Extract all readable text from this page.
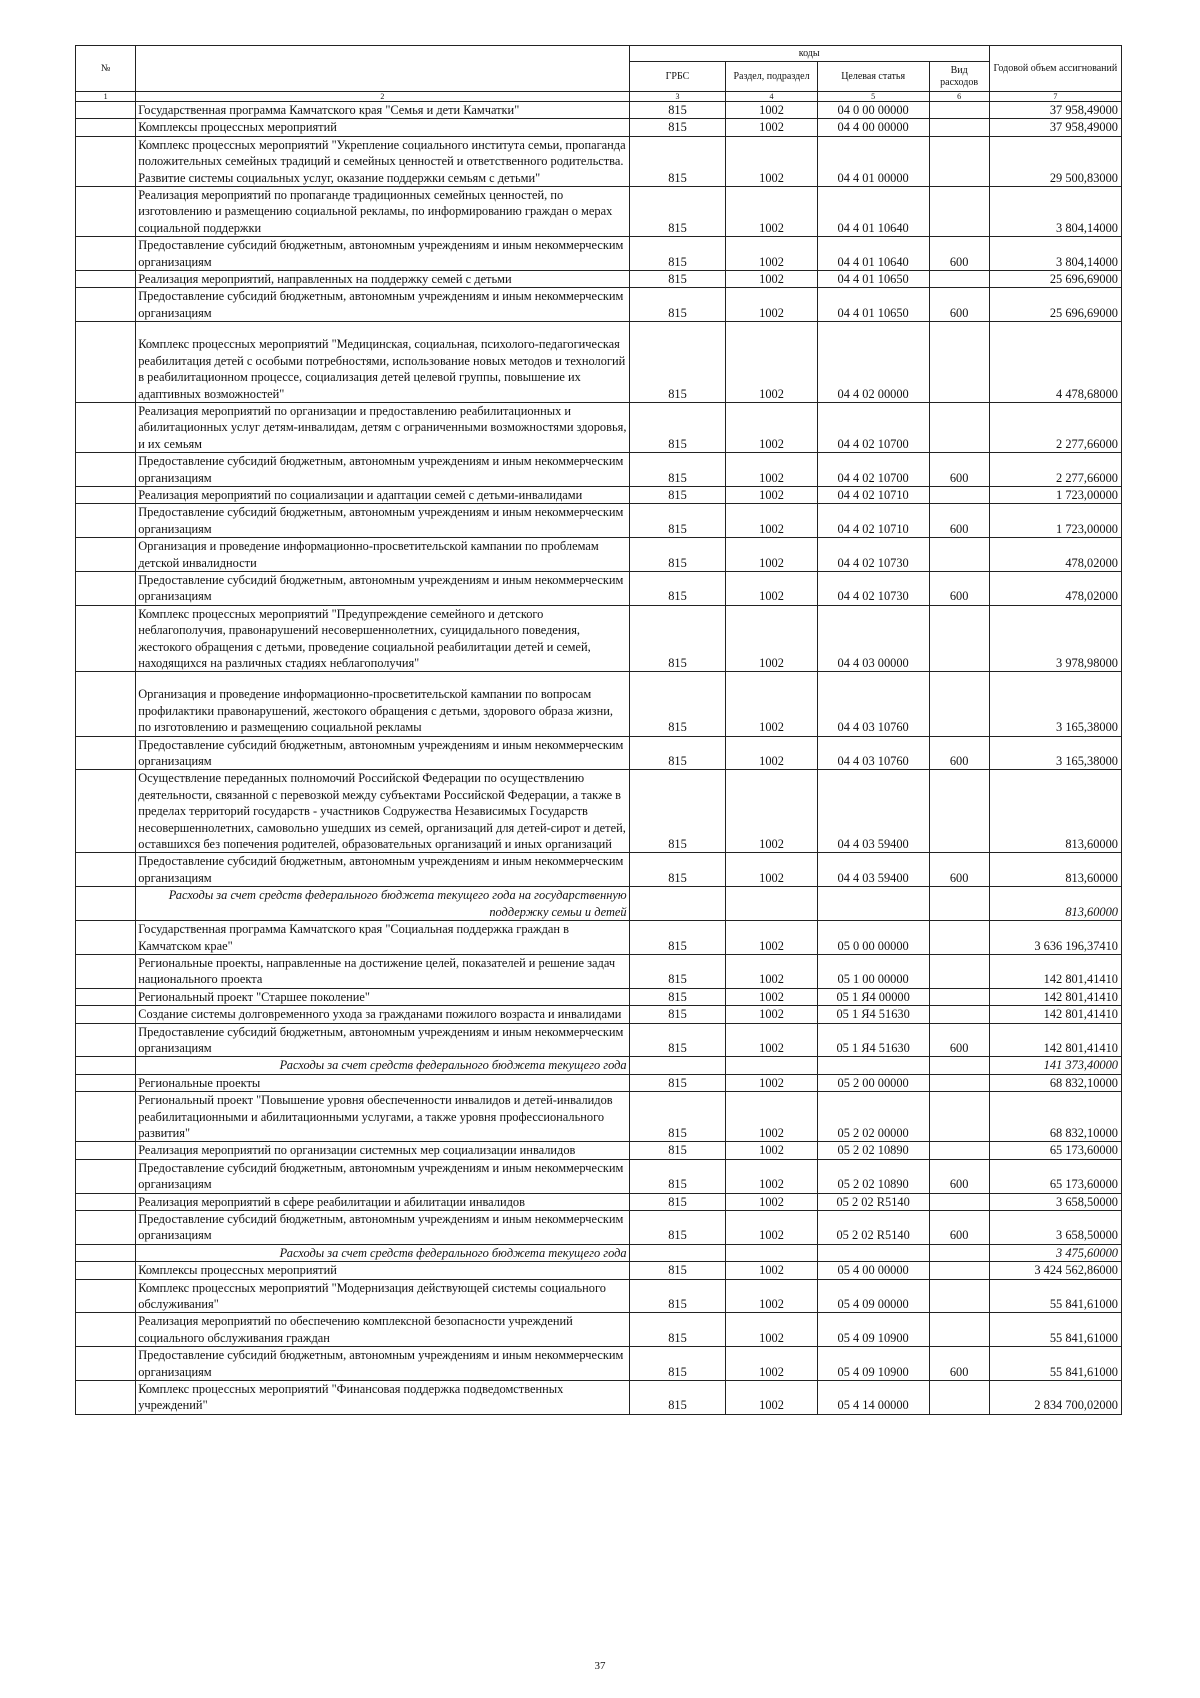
№		коды				Годовой объем ассигнований
		ГРБС	Раздел, подраздел	Целевая статья	Вид расходов	
1	2	3	4	5	6	7
	Государственная программа Камчатского края "Семья и дети Камчатки"	815	1002	04 0 00 00000		37 958,49000
	Комплексы процессных мероприятий	815	1002	04 4 00 00000		37 958,49000
	Комплекс процессных мероприятий "Укрепление социального института семьи, пропаганда положительных семейных традиций и семейных ценностей и ответственного родительства. Развитие системы социальных услуг, оказание поддержки семьям с детьми"	815	1002	04 4 01 00000		29 500,83000
	Реализация мероприятий по пропаганде традиционных семейных ценностей, по изготовлению и размещению социальной рекламы, по информированию граждан о мерах социальной поддержки	815	1002	04 4 01 10640		3 804,14000
	Предоставление субсидий бюджетным, автономным учреждениям и иным некоммерческим организациям	815	1002	04 4 01 10640	600	3 804,14000
	Реализация мероприятий, направленных на поддержку семей с детьми	815	1002	04 4 01 10650		25 696,69000
	Предоставление субсидий бюджетным, автономным учреждениям и иным некоммерческим организациям	815	1002	04 4 01 10650	600	25 696,69000
	Комплекс процессных мероприятий "Медицинская, социальная, психолого-педагогическая реабилитация детей с особыми потребностями, использование новых методов и технологий в реабилитационном процессе, социализация детей целевой группы, повышение их адаптивных возможностей"	815	1002	04 4 02 00000		4 478,68000
	Реализация мероприятий по организации и предоставлению реабилитационных и абилитационных услуг детям-инвалидам, детям с ограниченными возможностями здоровья, и их семьям	815	1002	04 4 02 10700		2 277,66000
	Предоставление субсидий бюджетным, автономным учреждениям и иным некоммерческим организациям	815	1002	04 4 02 10700	600	2 277,66000
	Реализация мероприятий по социализации и адаптации семей с детьми-инвалидами	815	1002	04 4 02 10710		1 723,00000
	Предоставление субсидий бюджетным, автономным учреждениям и иным некоммерческим организациям	815	1002	04 4 02 10710	600	1 723,00000
	Организация и проведение информационно-просветительской кампании по проблемам детской инвалидности	815	1002	04 4 02 10730		478,02000
	Предоставление субсидий бюджетным, автономным учреждениям и иным некоммерческим организациям	815	1002	04 4 02 10730	600	478,02000
	Комплекс процессных мероприятий "Предупреждение семейного и детского неблагополучия, правонарушений несовершеннолетних, суицидального поведения, жестокого обращения с детьми, проведение социальной реабилитации детей и семей, находящихся на различных стадиях неблагополучия"	815	1002	04 4 03 00000		3 978,98000
	Организация и проведение информационно-просветительской кампании по вопросам профилактики правонарушений, жестокого обращения с детьми, здорового образа жизни, по изготовлению и размещению социальной рекламы	815	1002	04 4 03 10760		3 165,38000
	Предоставление субсидий бюджетным, автономным учреждениям и иным некоммерческим организациям	815	1002	04 4 03 10760	600	3 165,38000
	Осуществление переданных полномочий Российской Федерации по осуществлению деятельности, связанной с перевозкой между субъектами Российской Федерации, а также в пределах территорий государств - участников Содружества Независимых Государств несовершеннолетних, самовольно ушедших из семей, организаций для детей-сирот и детей, оставшихся без попечения родителей, образовательных организаций и иных организаций	815	1002	04 4 03 59400		813,60000
	Предоставление субсидий бюджетным, автономным учреждениям и иным некоммерческим организациям	815	1002	04 4 03 59400	600	813,60000
	Расходы за счет средств федерального бюджета текущего года на государственную поддержку семьи и детей					813,60000
	Государственная программа Камчатского края "Социальная поддержка граждан в Камчатском крае"	815	1002	05 0 00 00000		3 636 196,37410
	Региональные проекты, направленные на достижение целей, показателей и решение задач национального проекта	815	1002	05 1 00 00000		142 801,41410
	Региональный проект "Старшее поколение"	815	1002	05 1 Я4 00000		142 801,41410
	Создание системы долговременного ухода за гражданами пожилого возраста и инвалидами	815	1002	05 1 Я4 51630		142 801,41410
	Предоставление субсидий бюджетным, автономным учреждениям и иным некоммерческим организациям	815	1002	05 1 Я4 51630	600	142 801,41410
	Расходы за счет средств федерального бюджета текущего года					141 373,40000
	Региональные проекты	815	1002	05 2 00 00000		68 832,10000
	Региональный проект "Повышение уровня обеспеченности инвалидов и детей-инвалидов реабилитационными и абилитационными услугами, а также уровня профессионального развития"	815	1002	05 2 02 00000		68 832,10000
	Реализация мероприятий по организации системных мер социализации инвалидов	815	1002	05 2 02 10890		65 173,60000
	Предоставление субсидий бюджетным, автономным учреждениям и иным некоммерческим организациям	815	1002	05 2 02 10890	600	65 173,60000
	Реализация мероприятий в сфере реабилитации и абилитации инвалидов	815	1002	05 2 02 R5140		3 658,50000
	Предоставление субсидий бюджетным, автономным учреждениям и иным некоммерческим организациям	815	1002	05 2 02 R5140	600	3 658,50000
	Расходы за счет средств федерального бюджета текущего года					3 475,60000
	Комплексы процессных мероприятий	815	1002	05 4 00 00000		3 424 562,86000
	Комплекс процессных мероприятий "Модернизация действующей системы социального обслуживания"	815	1002	05 4 09 00000		55 841,61000
	Реализация мероприятий по обеспечению комплексной безопасности учреждений социального обслуживания граждан	815	1002	05 4 09 10900		55 841,61000
	Предоставление субсидий бюджетным, автономным учреждениям и иным некоммерческим организациям	815	1002	05 4 09 10900	600	55 841,61000
	Комплекс процессных мероприятий "Финансовая поддержка подведомственных учреждений"	815	1002	05 4 14 00000		2 834 700,02000
37
